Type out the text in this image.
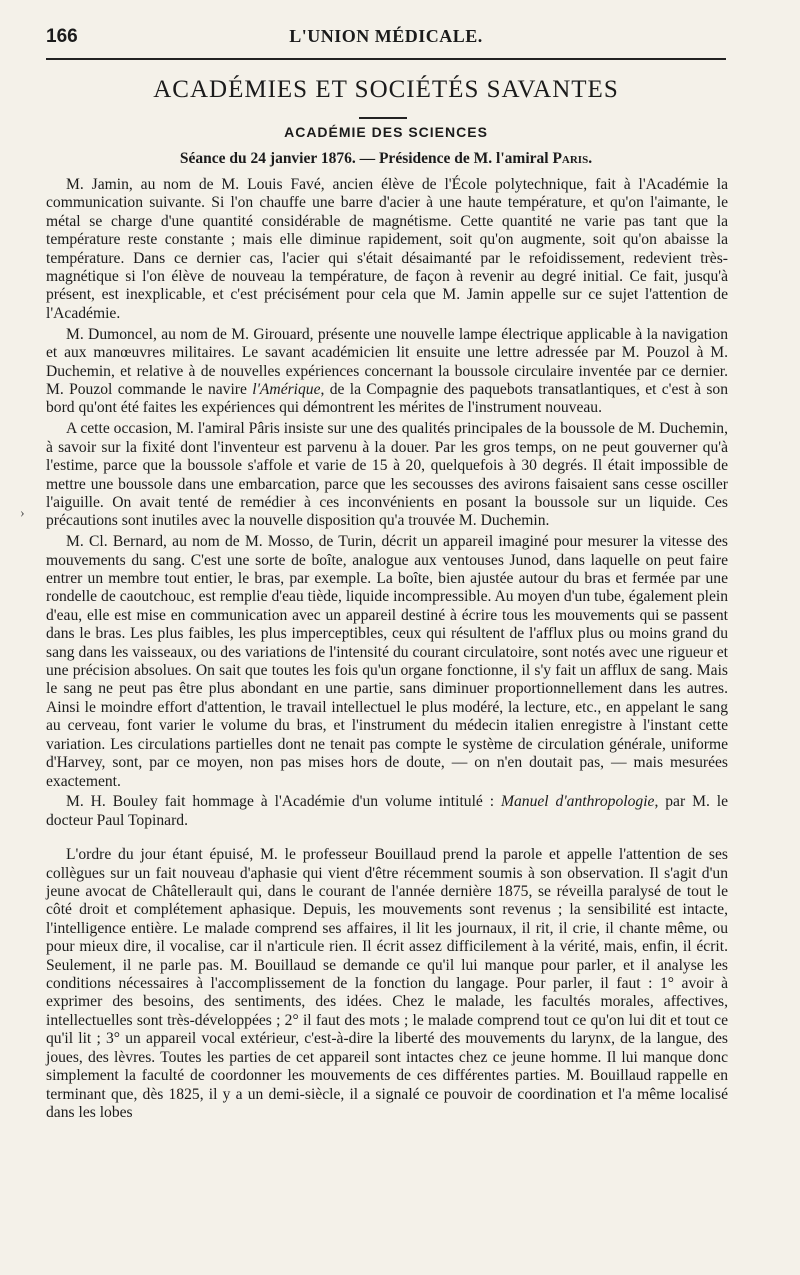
166	L'UNION MÉDICALE.
ACADÉMIES ET SOCIÉTÉS SAVANTES
ACADÉMIE DES SCIENCES
Séance du 24 janvier 1876. — Présidence de M. l'amiral Paris.
›

M. Jamin, au nom de M. Louis Favé, ancien élève de l'École polytechnique, fait à l'Académie la communication suivante. Si l'on chauffe une barre d'acier à une haute température, et qu'on l'aimante, le métal se charge d'une quantité considérable de magnétisme. Cette quantité ne varie pas tant que la température reste constante ; mais elle diminue rapidement, soit qu'on augmente, soit qu'on abaisse la température. Dans ce dernier cas, l'acier qui s'était désaimanté par le refoidissement, redevient très-magnétique si l'on élève de nouveau la température, de façon à revenir au degré initial. Ce fait, jusqu'à présent, est inexplicable, et c'est précisément pour cela que M. Jamin appelle sur ce sujet l'attention de l'Académie.

M. Dumoncel, au nom de M. Girouard, présente une nouvelle lampe électrique applicable à la navigation et aux manœuvres militaires. Le savant académicien lit ensuite une lettre adressée par M. Pouzol à M. Duchemin, et relative à de nouvelles expériences concernant la boussole circulaire inventée par ce dernier. M. Pouzol commande le navire l'Amérique, de la Compagnie des paquebots transatlantiques, et c'est à son bord qu'ont été faites les expériences qui démontrent les mérites de l'instrument nouveau.

A cette occasion, M. l'amiral Pâris insiste sur une des qualités principales de la boussole de M. Duchemin, à savoir sur la fixité dont l'inventeur est parvenu à la douer. Par les gros temps, on ne peut gouverner qu'à l'estime, parce que la boussole s'affole et varie de 15 à 20, quelquefois à 30 degrés. Il était impossible de mettre une boussole dans une embarcation, parce que les secousses des avirons faisaient sans cesse osciller l'aiguille. On avait tenté de remédier à ces inconvénients en posant la boussole sur un liquide. Ces précautions sont inutiles avec la nouvelle disposition qu'a trouvée M. Duchemin.

M. Cl. Bernard, au nom de M. Mosso, de Turin, décrit un appareil imaginé pour mesurer la vitesse des mouvements du sang. C'est une sorte de boîte, analogue aux ventouses Junod, dans laquelle on peut faire entrer un membre tout entier, le bras, par exemple. La boîte, bien ajustée autour du bras et fermée par une rondelle de caoutchouc, est remplie d'eau tiède, liquide incompressible. Au moyen d'un tube, également plein d'eau, elle est mise en communication avec un appareil destiné à écrire tous les mouvements qui se passent dans le bras. Les plus faibles, les plus imperceptibles, ceux qui résultent de l'afflux plus ou moins grand du sang dans les vaisseaux, ou des variations de l'intensité du courant circulatoire, sont notés avec une rigueur et une précision absolues. On sait que toutes les fois qu'un organe fonctionne, il s'y fait un afflux de sang. Mais le sang ne peut pas être plus abondant en une partie, sans diminuer proportionnellement dans les autres. Ainsi le moindre effort d'attention, le travail intellectuel le plus modéré, la lecture, etc., en appelant le sang au cerveau, font varier le volume du bras, et l'instrument du médecin italien enregistre à l'instant cette variation. Les circulations partielles dont ne tenait pas compte le système de circulation générale, uniforme d'Harvey, sont, par ce moyen, non pas mises hors de doute, — on n'en doutait pas, — mais mesurées exactement.

M. H. Bouley fait hommage à l'Académie d'un volume intitulé : Manuel d'anthropologie, par M. le docteur Paul Topinard.

L'ordre du jour étant épuisé, M. le professeur Bouillaud prend la parole et appelle l'attention de ses collègues sur un fait nouveau d'aphasie qui vient d'être récemment soumis à son observation. Il s'agit d'un jeune avocat de Châtellerault qui, dans le courant de l'année dernière 1875, se réveilla paralysé de tout le côté droit et complétement aphasique. Depuis, les mouvements sont revenus ; la sensibilité est intacte, l'intelligence entière. Le malade comprend ses affaires, il lit les journaux, il rit, il crie, il chante même, ou pour mieux dire, il vocalise, car il n'articule rien. Il écrit assez difficilement à la vérité, mais, enfin, il écrit. Seulement, il ne parle pas. M. Bouillaud se demande ce qu'il lui manque pour parler, et il analyse les conditions nécessaires à l'accomplissement de la fonction du langage. Pour parler, il faut : 1° avoir à exprimer des besoins, des sentiments, des idées. Chez le malade, les facultés morales, affectives, intellectuelles sont très-développées ; 2° il faut des mots ; le malade comprend tout ce qu'on lui dit et tout ce qu'il lit ; 3° un appareil vocal extérieur, c'est-à-dire la liberté des mouvements du larynx, de la langue, des joues, des lèvres. Toutes les parties de cet appareil sont intactes chez ce jeune homme. Il lui manque donc simplement la faculté de coordonner les mouvements de ces différentes parties. M. Bouillaud rappelle en terminant que, dès 1825, il y a un demi-siècle, il a signalé ce pouvoir de coordination et l'a même localisé dans les lobes
